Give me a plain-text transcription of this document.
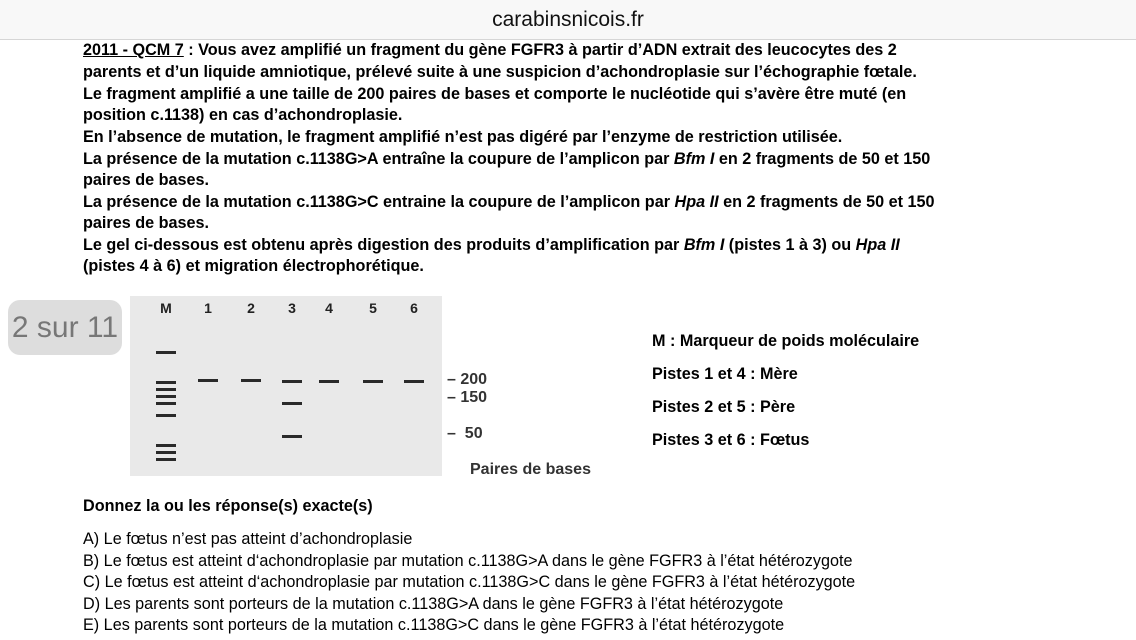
carabinsnicois.fr
2011 - QCM 7 : Vous avez amplifié un fragment du gène FGFR3 à partir d’ADN extrait des leucocytes des 2
parents et d’un liquide amniotique, prélevé suite à une suspicion d’achondroplasie sur l’échographie fœtale.
Le fragment amplifié a une taille de 200 paires de bases et comporte le nucléotide qui s’avère être muté (en
position c.1138) en cas d’achondroplasie.
En l’absence de mutation, le fragment amplifié n’est pas digéré par l’enzyme de restriction utilisée.
La présence de la mutation c.1138G>A entraîne la coupure de l’amplicon par Bfm I en 2 fragments de 50 et 150
paires de bases.
La présence de la mutation c.1138G>C entraine la coupure de l’amplicon par Hpa II en 2 fragments de 50 et 150
paires de bases.
Le gel ci-dessous est obtenu après digestion des produits d’amplification par Bfm I (pistes 1 à 3) ou Hpa II
(pistes 4 à 6) et migration électrophorétique.
2 sur 11
M 1	2 3 4	5 6
– 200
– 150
–  50
Paires de bases
M : Marqueur de poids moléculaire
Pistes 1 et 4 : Mère
Pistes 2 et 5 : Père
Pistes 3 et 6 : Fœtus
Donnez la ou les réponse(s) exacte(s)
A) Le fœtus n’est pas atteint d’achondroplasie
B) Le fœtus est atteint d‘achondroplasie par mutation c.1138G>A dans le gène FGFR3 à l’état hétérozygote
C) Le fœtus est atteint d‘achondroplasie par mutation c.1138G>C dans le gène FGFR3 à l’état hétérozygote
D) Les parents sont porteurs de la mutation c.1138G>A dans le gène FGFR3 à l’état hétérozygote
E) Les parents sont porteurs de la mutation c.1138G>C dans le gène FGFR3 à l’état hétérozygote
